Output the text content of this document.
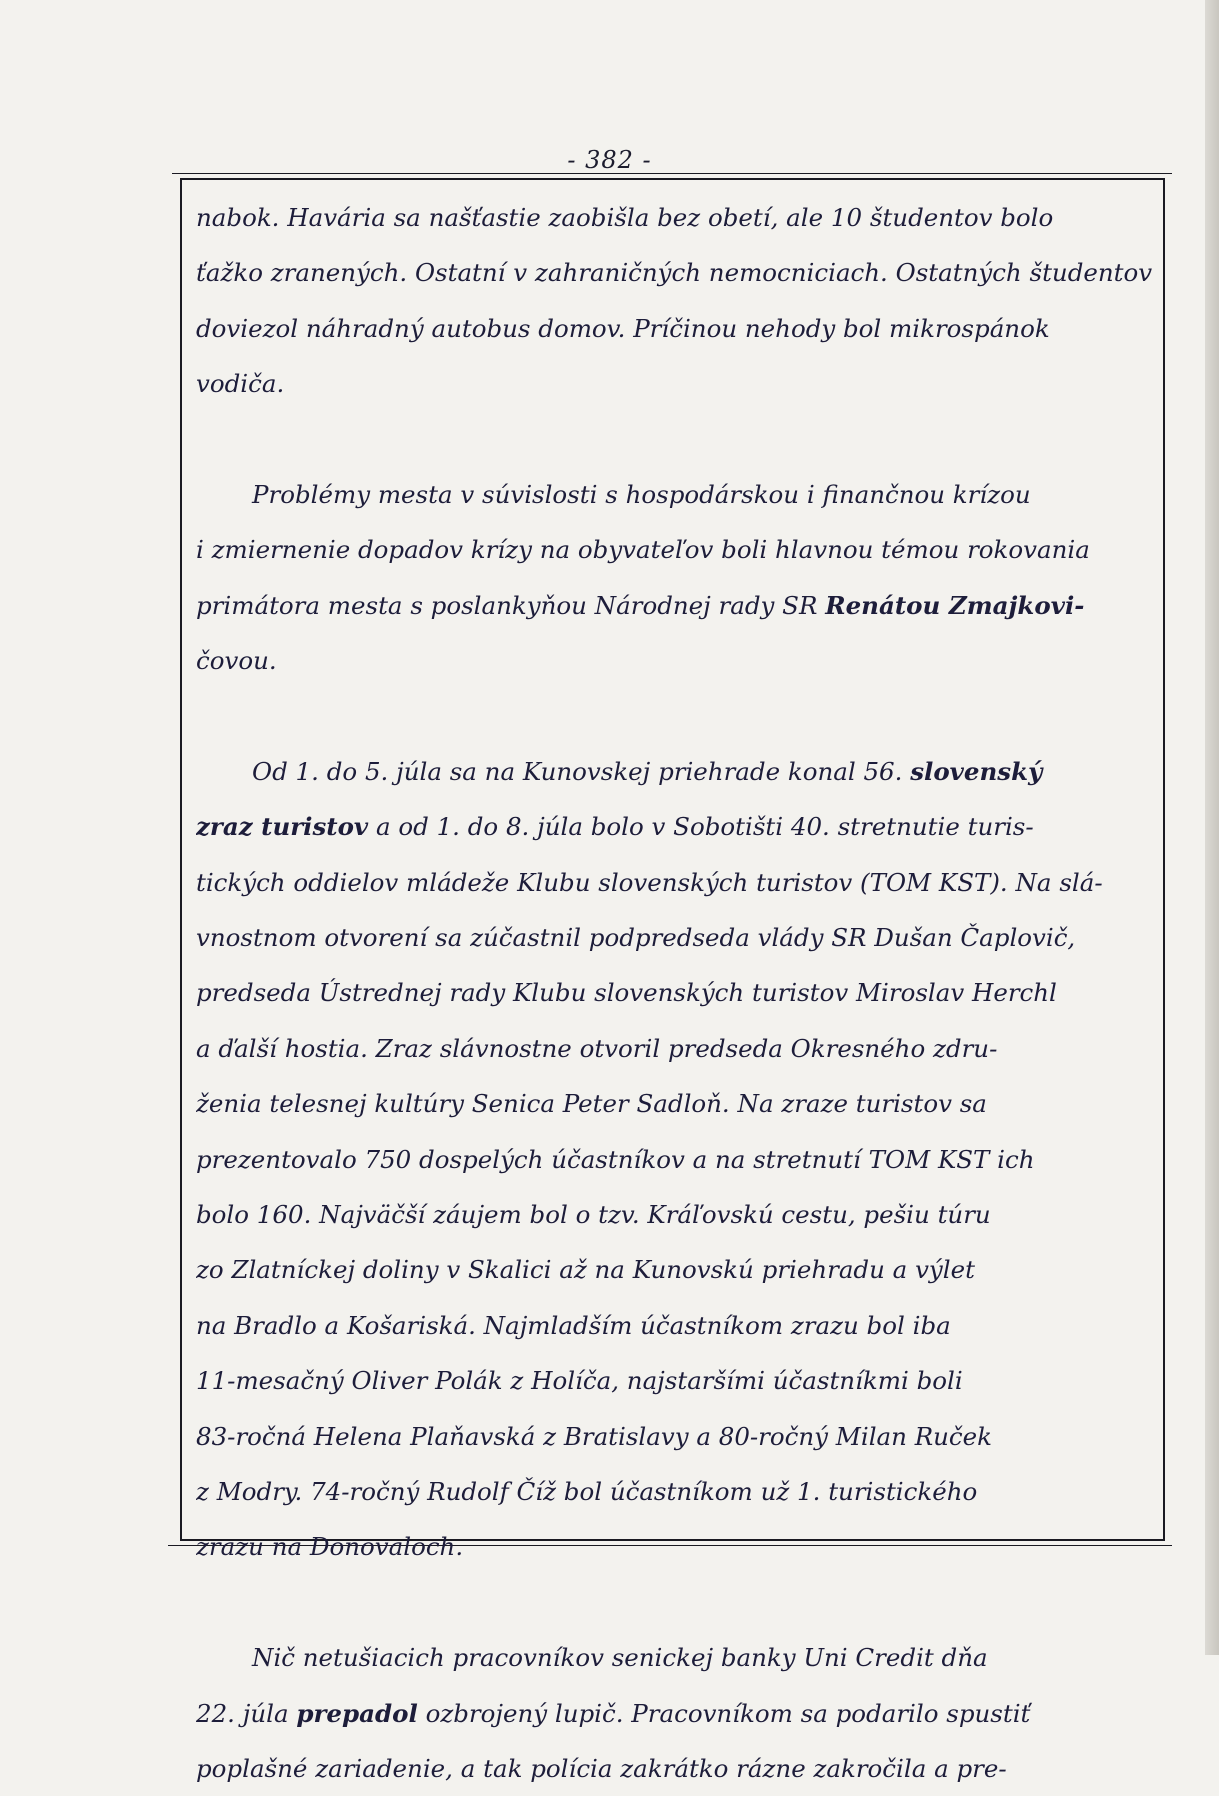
- 382 -
nabok. Havária sa našťastie zaobišla bez obetí, ale 10 študentov bolo
ťažko zranených. Ostatní v zahraničných nemocniciach. Ostatných študentov
doviezol náhradný autobus domov. Príčinou nehody bol mikrospánok
vodiča.
Problémy mesta v súvislosti s hospodárskou i finančnou krízou
i zmiernenie dopadov krízy na obyvateľov boli hlavnou témou rokovania
primátora mesta s poslankyňou Národnej rady SR Renátou Zmajkovi-
čovou.
Od 1. do 5. júla sa na Kunovskej priehrade konal 56. slovenský
zraz turistov a od 1. do 8. júla bolo v Sobotišti 40. stretnutie turis-
tických oddielov mládeže Klubu slovenských turistov (TOM KST). Na slá-
vnostnom otvorení sa zúčastnil podpredseda vlády SR Dušan Čaplovič,
predseda Ústrednej rady Klubu slovenských turistov Miroslav Herchl
a ďalší hostia. Zraz slávnostne otvoril predseda Okresného zdru-
ženia telesnej kultúry Senica Peter Sadloň. Na zraze turistov sa
prezentovalo 750 dospelých účastníkov a na stretnutí TOM KST ich
bolo 160. Najväčší záujem bol o tzv. Kráľovskú cestu, pešiu túru
zo Zlatníckej doliny v Skalici až na Kunovskú priehradu a výlet
na Bradlo a Košariská. Najmladším účastníkom zrazu bol iba
11-mesačný Oliver Polák z Holíča, najstaršími účastníkmi boli
83-ročná Helena Plaňavská z Bratislavy a 80-ročný Milan Ruček
z Modry. 74-ročný Rudolf Číž bol účastníkom už 1. turistického
zrazu na Donovaloch.
Nič netušiacich pracovníkov senickej banky Uni Credit dňa
22. júla prepadol ozbrojený lupič. Pracovníkom sa podarilo spustiť
poplašné zariadenie, a tak polícia zakrátko rázne zakročila a pre-
